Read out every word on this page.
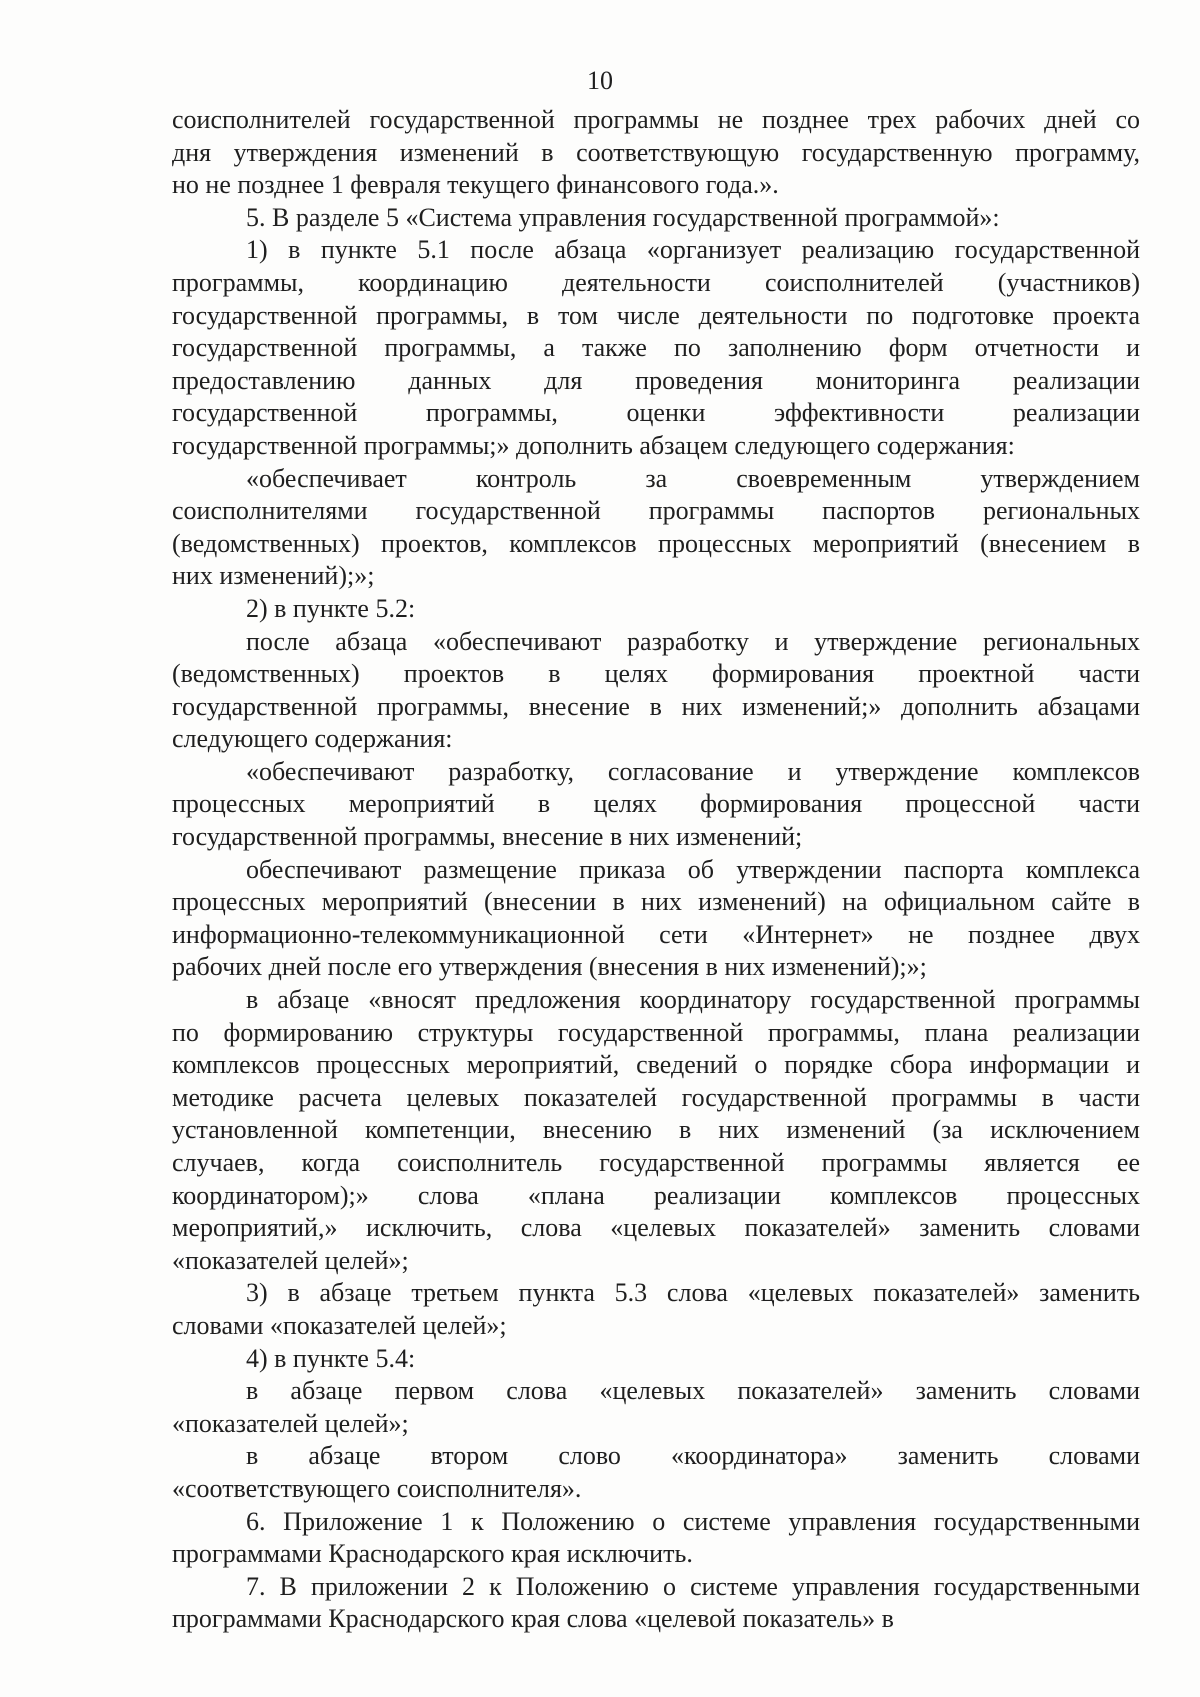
10
соисполнителей государственной программы не позднее трех рабочих дней со
дня утверждения изменений в соответствующую государственную программу,
но не позднее 1 февраля текущего финансового года.».
5. В разделе 5 «Система управления государственной программой»:
1) в пункте 5.1 после абзаца «организует реализацию государственной
программы, координацию деятельности соисполнителей (участников)
государственной программы, в том числе деятельности по подготовке проекта
государственной программы, а также по заполнению форм отчетности и
предоставлению данных для проведения мониторинга реализации
государственной программы, оценки эффективности реализации
государственной программы;» дополнить абзацем следующего содержания:
«обеспечивает контроль за своевременным утверждением
соисполнителями государственной программы паспортов региональных
(ведомственных) проектов, комплексов процессных мероприятий (внесением в
них изменений);»;
2) в пункте 5.2:
после абзаца «обеспечивают разработку и утверждение региональных
(ведомственных) проектов в целях формирования проектной части
государственной программы, внесение в них изменений;» дополнить абзацами
следующего содержания:
«обеспечивают разработку, согласование и утверждение комплексов
процессных мероприятий в целях формирования процессной части
государственной программы, внесение в них изменений;
обеспечивают размещение приказа об утверждении паспорта комплекса
процессных мероприятий (внесении в них изменений) на официальном сайте в
информационно-телекоммуникационной сети «Интернет» не позднее двух
рабочих дней после его утверждения (внесения в них изменений);»;
в абзаце «вносят предложения координатору государственной программы
по формированию структуры государственной программы, плана реализации
комплексов процессных мероприятий, сведений о порядке сбора информации и
методике расчета целевых показателей государственной программы в части
установленной компетенции, внесению в них изменений (за исключением
случаев, когда соисполнитель государственной программы является ее
координатором);» слова «плана реализации комплексов процессных
мероприятий,» исключить, слова «целевых показателей» заменить словами
«показателей целей»;
3) в абзаце третьем пункта 5.3 слова «целевых показателей» заменить
словами «показателей целей»;
4) в пункте 5.4:
в абзаце первом слова «целевых показателей» заменить словами
«показателей целей»;
в абзаце втором слово «координатора» заменить словами
«соответствующего соисполнителя».
6. Приложение 1 к Положению о системе управления государственными
программами Краснодарского края исключить.
7. В приложении 2 к Положению о системе управления государственными
программами Краснодарского края слова «целевой показатель» в
